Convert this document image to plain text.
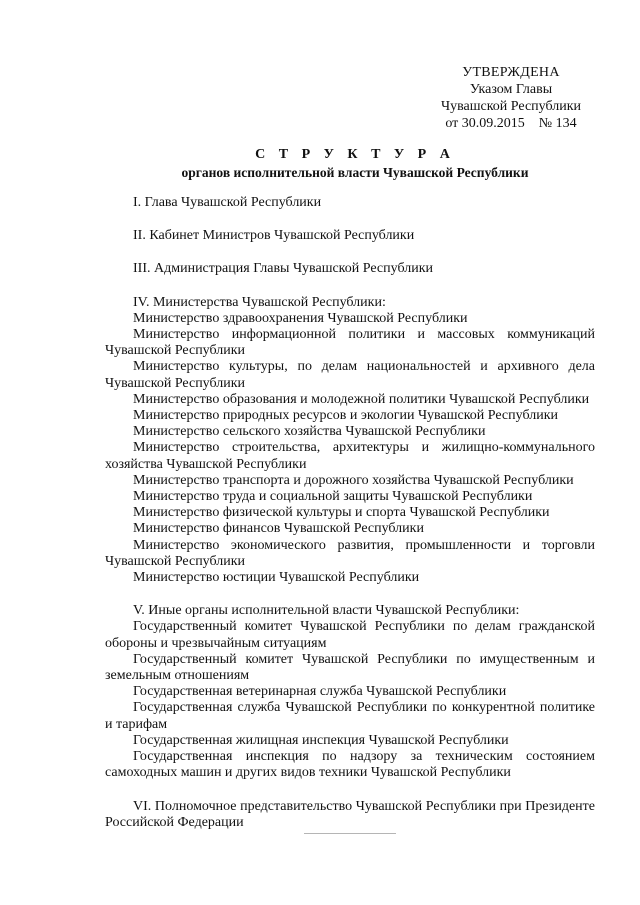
УТВЕРЖДЕНА
Указом Главы
Чувашской Республики
от 30.09.2015    № 134
С Т Р У К Т У Р А
органов исполнительной власти Чувашской Республики

I. Глава Чувашской Республики

II. Кабинет Министров Чувашской Республики

III. Администрация Главы Чувашской Республики

IV. Министерства Чувашской Республики:

Министерство здравоохранения Чувашской Республики

Министерство информационной политики и массовых коммуникаций Чувашской Республики

Министерство культуры, по делам национальностей и архивного дела Чувашской Республики

Министерство образования и молодежной политики Чувашской Республики

Министерство природных ресурсов и экологии Чувашской Республики

Министерство сельского хозяйства Чувашской Республики

Министерство строительства, архитектуры и жилищно-коммунального хозяйства Чувашской Республики

Министерство транспорта и дорожного хозяйства Чувашской Республики

Министерство труда и социальной защиты Чувашской Республики

Министерство физической культуры и спорта Чувашской Республики

Министерство финансов Чувашской Республики

Министерство экономического развития, промышленности и торговли Чувашской Республики

Министерство юстиции Чувашской Республики

V. Иные органы исполнительной власти Чувашской Республики:

Государственный комитет Чувашской Республики по делам гражданской обороны и чрезвычайным ситуациям

Государственный комитет Чувашской Республики по имущественным и земельным отношениям

Государственная ветеринарная служба Чувашской Республики

Государственная служба Чувашской Республики по конкурентной политике и тарифам

Государственная жилищная инспекция Чувашской Республики

Государственная инспекция по надзору за техническим состоянием самоходных машин и других видов техники Чувашской Республики

VI. Полномочное представительство Чувашской Республики при Президенте Российской Федерации
